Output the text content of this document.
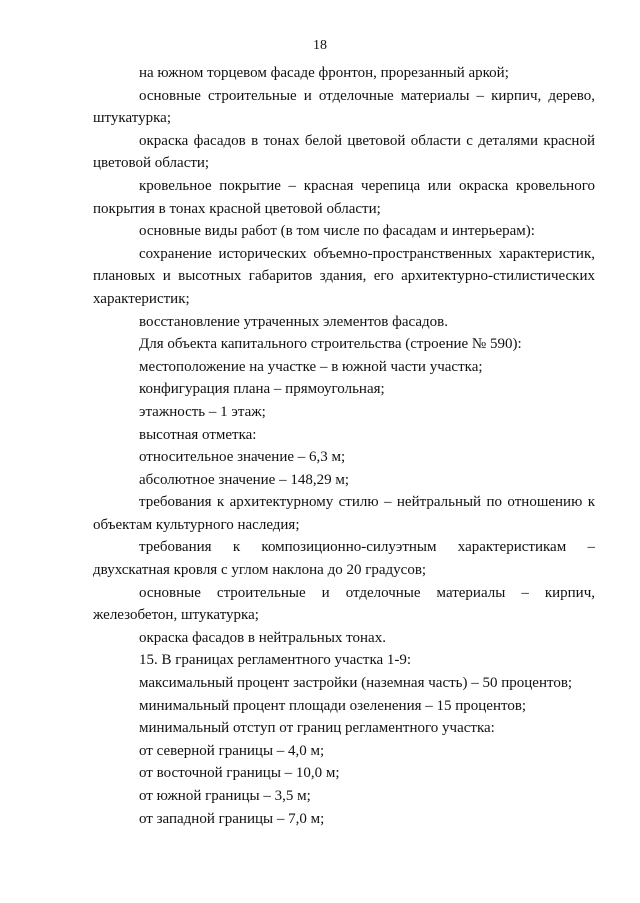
18

на южном торцевом фасаде фронтон, прорезанный аркой;

основные строительные и отделочные материалы – кирпич, дерево, штукатурка;

окраска фасадов в тонах белой цветовой области с деталями красной цветовой области;

кровельное покрытие – красная черепица или окраска кровельного покрытия в тонах красной цветовой области;

основные виды работ (в том числе по фасадам и интерьерам):

сохранение исторических объемно-пространственных характеристик, плановых и высотных габаритов здания, его архитектурно-стилистических характеристик;

восстановление утраченных элементов фасадов.

Для объекта капитального строительства (строение № 590):

местоположение на участке – в южной части участка;

конфигурация плана – прямоугольная;

этажность – 1 этаж;

высотная отметка:

относительное значение – 6,3 м;

абсолютное значение – 148,29 м;

требования к архитектурному стилю – нейтральный по отношению к объектам культурного наследия;

требования к композиционно-силуэтным характеристикам – двухскатная кровля с углом наклона до 20 градусов;

основные строительные и отделочные материалы – кирпич, железобетон, штукатурка;

окраска фасадов в нейтральных тонах.

15. В границах регламентного участка 1-9:

максимальный процент застройки (наземная часть) – 50 процентов;

минимальный процент площади озеленения – 15 процентов;

минимальный отступ от границ регламентного участка:

от северной границы – 4,0 м;

от восточной границы – 10,0 м;

от южной границы – 3,5 м;

от западной границы – 7,0 м;
